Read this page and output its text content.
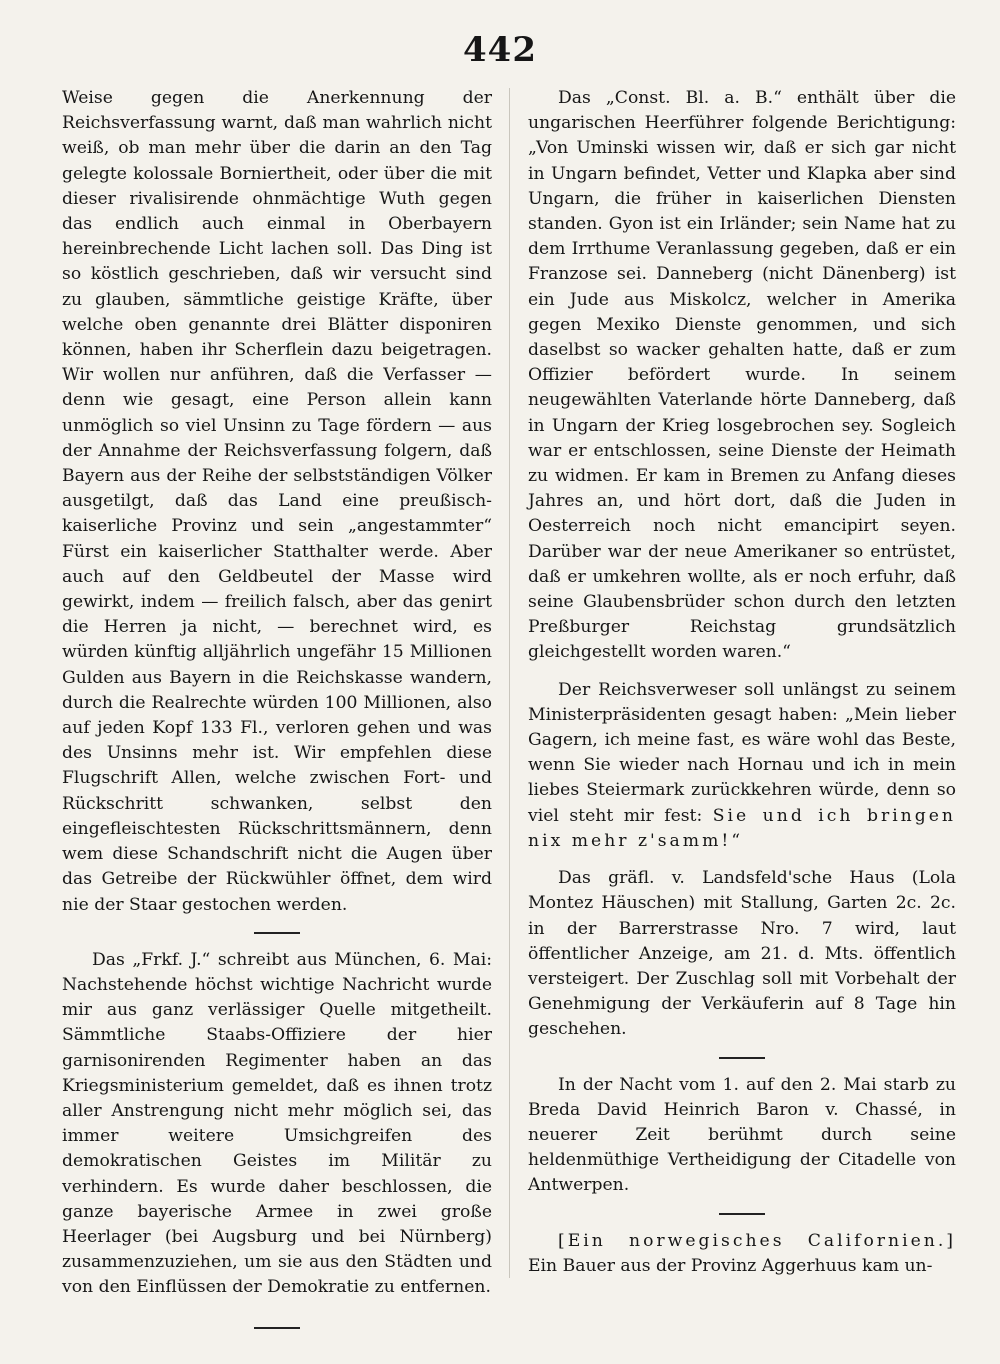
442

Weise gegen die Anerkennung der Reichsverfassung warnt, daß man wahrlich nicht weiß, ob man mehr über die darin an den Tag gelegte kolossale Borniertheit, oder über die mit dieser rivalisirende ohnmächtige Wuth gegen das endlich auch einmal in Oberbayern hereinbrechende Licht lachen soll. Das Ding ist so köstlich geschrieben, daß wir versucht sind zu glauben, sämmtliche geistige Kräfte, über welche oben genannte drei Blätter disponiren können, haben ihr Scherflein dazu beigetragen. Wir wollen nur anführen, daß die Verfasser — denn wie gesagt, eine Person allein kann unmöglich so viel Unsinn zu Tage fördern — aus der Annahme der Reichsverfassung folgern, daß Bayern aus der Reihe der selbstständigen Völker ausgetilgt, daß das Land eine preußisch-kaiserliche Provinz und sein „angestammter“ Fürst ein kaiserlicher Statthalter werde. Aber auch auf den Geldbeutel der Masse wird gewirkt, indem — freilich falsch, aber das genirt die Herren ja nicht, — berechnet wird, es würden künftig alljährlich ungefähr 15 Millionen Gulden aus Bayern in die Reichskasse wandern, durch die Realrechte würden 100 Millionen, also auf jeden Kopf 133 Fl., verloren gehen und was des Unsinns mehr ist. Wir empfehlen diese Flugschrift Allen, welche zwischen Fort- und Rückschritt schwanken, selbst den eingefleischtesten Rückschrittsmännern, denn wem diese Schandschrift nicht die Augen über das Getreibe der Rückwühler öffnet, dem wird nie der Staar gestochen werden.

Das „Frkf. J.“ schreibt aus München, 6. Mai: Nachstehende höchst wichtige Nachricht wurde mir aus ganz verlässiger Quelle mitgetheilt. Sämmtliche Staabs-Offiziere der hier garnisonirenden Regimenter haben an das Kriegsministerium gemeldet, daß es ihnen trotz aller Anstrengung nicht mehr möglich sei, das immer weitere Umsichgreifen des demokratischen Geistes im Militär zu verhindern. Es wurde daher beschlossen, die ganze bayerische Armee in zwei große Heerlager (bei Augsburg und bei Nürnberg) zusammenzuziehen, um sie aus den Städten und von den Einflüssen der Demokratie zu entfernen.

Das „Const. Bl. a. B.“ enthält über die ungarischen Heerführer folgende Berichtigung: „Von Uminski wissen wir, daß er sich gar nicht in Ungarn befindet, Vetter und Klapka aber sind Ungarn, die früher in kaiserlichen Diensten standen. Gyon ist ein Irländer; sein Name hat zu dem Irrthume Veranlassung gegeben, daß er ein Franzose sei. Danneberg (nicht Dänenberg) ist ein Jude aus Miskolcz, welcher in Amerika gegen Mexiko Dienste genommen, und sich daselbst so wacker gehalten hatte, daß er zum Offizier befördert wurde. In seinem neugewählten Vaterlande hörte Danneberg, daß in Ungarn der Krieg losgebrochen sey. Sogleich war er entschlossen, seine Dienste der Heimath zu widmen. Er kam in Bremen zu Anfang dieses Jahres an, und hört dort, daß die Juden in Oesterreich noch nicht emancipirt seyen. Darüber war der neue Amerikaner so entrüstet, daß er umkehren wollte, als er noch erfuhr, daß seine Glaubensbrüder schon durch den letzten Preßburger Reichstag grundsätzlich gleichgestellt worden waren.“

Der Reichsverweser soll unlängst zu seinem Ministerpräsidenten gesagt haben: „Mein lieber Gagern, ich meine fast, es wäre wohl das Beste, wenn Sie wieder nach Hornau und ich in mein liebes Steiermark zurückkehren würde, denn so viel steht mir fest: Sie und ich bringen nix mehr z'samm!“

Das gräfl. v. Landsfeld'sche Haus (Lola Montez Häuschen) mit Stallung, Garten 2c. 2c. in der Barrerstrasse Nro. 7 wird, laut öffentlicher Anzeige, am 21. d. Mts. öffentlich versteigert. Der Zuschlag soll mit Vorbehalt der Genehmigung der Verkäuferin auf 8 Tage hin geschehen.

In der Nacht vom 1. auf den 2. Mai starb zu Breda David Heinrich Baron v. Chassé, in neuerer Zeit berühmt durch seine heldenmüthige Vertheidigung der Citadelle von Antwerpen.

[Ein norwegisches Californien.] Ein Bauer aus der Provinz Aggerhuus kam un-
